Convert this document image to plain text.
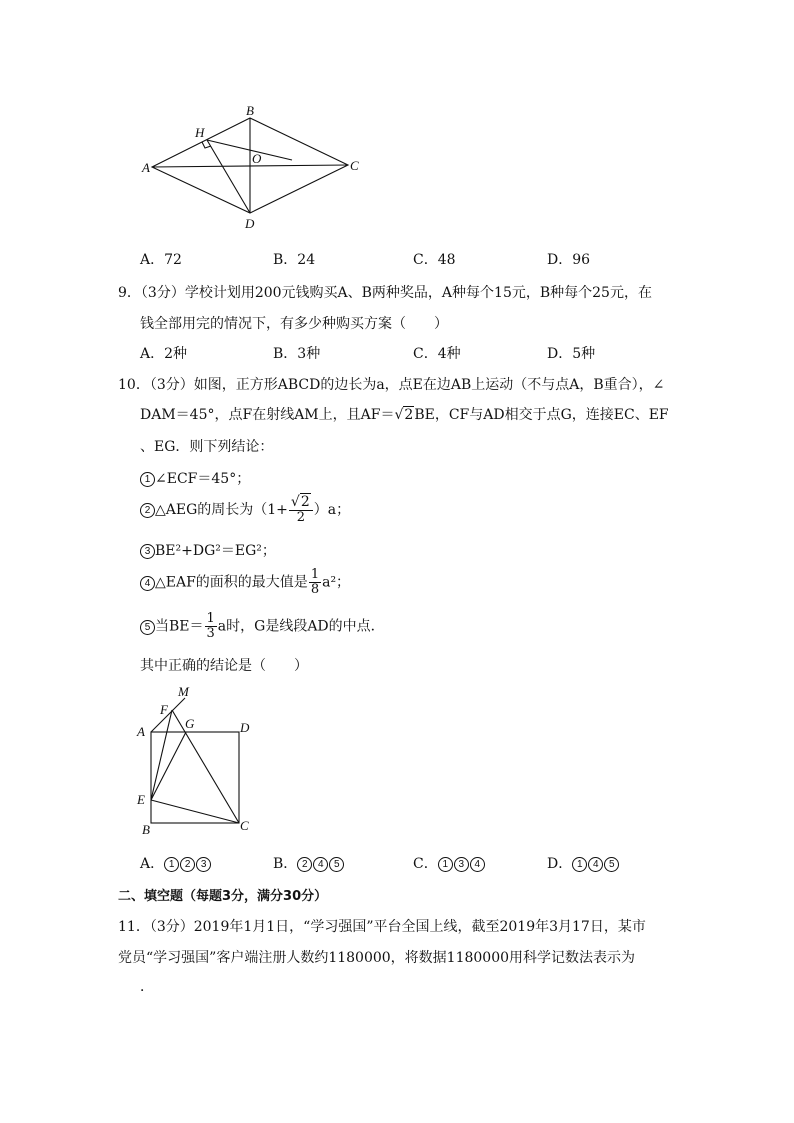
A
B
C
D
H
O
A．72	B．24	C．48	D．96
9．（3分）学校计划用200元钱购买A、B两种奖品，A种每个15元，B种每个25元，在
钱全部用完的情况下，有多少种购买方案（　　）
A．2种	B．3种	C．4种	D．5种
10．（3分）如图，正方形ABCD的边长为a，点E在边AB上运动（不与点A，B重合），∠
DAM＝45°，点F在射线AM上，且AF＝√2BE，CF与AD相交于点G，连接EC、EF
、EG．则下列结论：
1 ∠ECF＝45°；
2 △AEG的周长为$(1+ \frac{√2}{2} )a$；
3 BE²+DG²＝EG²；
4 △EAF的面积的最大值是 $\frac{1}{8} a^2$；
5 当$BE= \frac{1}{3}$ a时，G是线段AD的中点．
其中正确的结论是（　　）
M
F
G
A	D
E
B	C
A． 1 2 3	B． 2 4 5	C． 1 3 4	D． 1 4 5
二、填空题（每题3分，满分30分）
11．（3分）2019年1月1日，“学习强国”平台全国上线，截至2019年3月17日，某市
党员“学习强国”客户端注册人数约1180000，将数据1180000用科学记数法表示为
．
